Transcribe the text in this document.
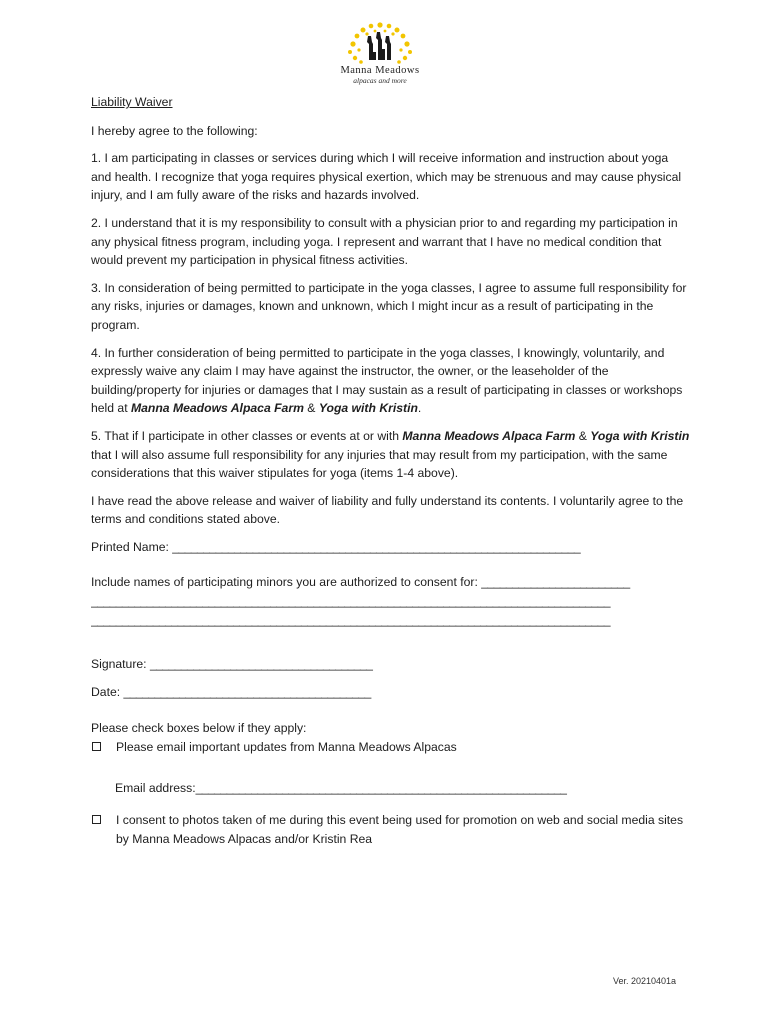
Manna Meadows
alpacas and more

Liability Waiver

I hereby agree to the following:

1. I am participating in classes or services during which I will receive information and instruction about yoga and health. I recognize that yoga requires physical exertion, which may be strenuous and may cause physical injury, and I am fully aware of the risks and hazards involved.

2. I understand that it is my responsibility to consult with a physician prior to and regarding my participation in any physical fitness program, including yoga. I represent and warrant that I have no medical condition that would prevent my participation in physical fitness activities.

3. In consideration of being permitted to participate in the yoga classes, I agree to assume full responsibility for any risks, injuries or damages, known and unknown, which I might incur as a result of participating in the program.

4. In further consideration of being permitted to participate in the yoga classes, I knowingly, voluntarily, and expressly waive any claim I may have against the instructor, the owner, or the leaseholder of the building/property for injuries or damages that I may sustain as a result of participating in classes or workshops held at Manna Meadows Alpaca Farm & Yoga with Kristin.

5. That if I participate in other classes or events at or with Manna Meadows Alpaca Farm & Yoga with Kristin that I will also assume full responsibility for any injuries that may result from my participation, with the same considerations that this waiver stipulates for yoga (items 1-4 above).

I have read the above release and waiver of liability and fully understand its contents. I voluntarily agree to the terms and conditions stated above.

Printed Name: __________________________________________________________________

Include names of participating minors you are authorized to consent for: ________________________
____________________________________________________________________________________
____________________________________________________________________________________

Signature: ____________________________________

Date: ________________________________________

Please check boxes below if they apply:
Please email important updates from Manna Meadows Alpacas
Email address:____________________________________________________________
I consent to photos taken of me during this event being used for promotion on web and social media sites by Manna Meadows Alpacas and/or Kristin Rea
Ver. 20210401a
